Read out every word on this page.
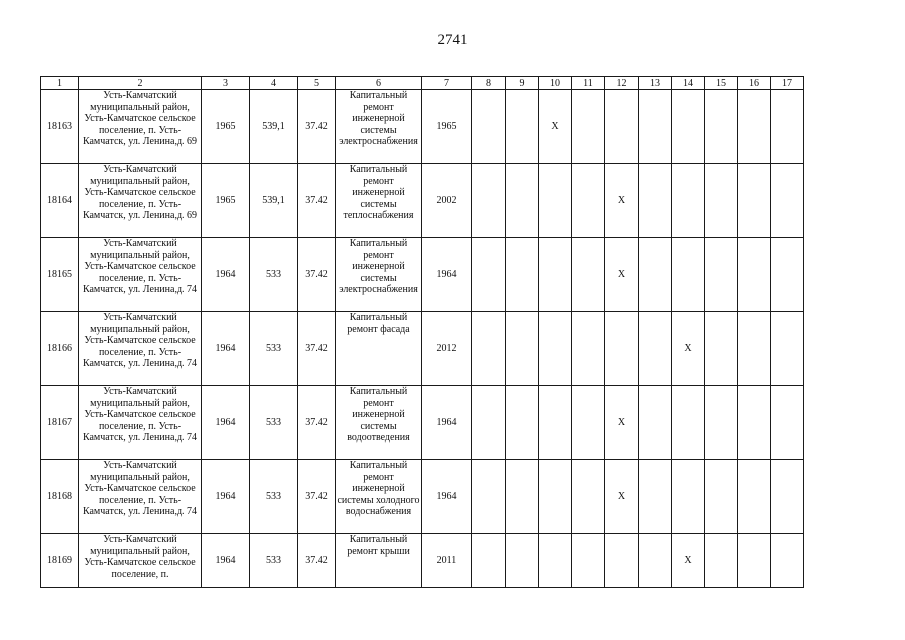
2741
1	2	3	4	5	6	7	8	9	10	11	12	13	14	15	16	17
18163	Усть-Камчатский муниципальный район, Усть-Камчатское сельское поселение, п. Усть-Камчатск, ул. Ленина,д. 69	1965	539,1	37.42	Капитальный ремонт инженерной системы электроснабжения	1965			X							
18164	Усть-Камчатский муниципальный район, Усть-Камчатское сельское поселение, п. Усть-Камчатск, ул. Ленина,д. 69	1965	539,1	37.42	Капитальный ремонт инженерной системы теплоснабжения	2002					X					
18165	Усть-Камчатский муниципальный район, Усть-Камчатское сельское поселение, п. Усть-Камчатск, ул. Ленина,д. 74	1964	533	37.42	Капитальный ремонт инженерной системы электроснабжения	1964					X					
18166	Усть-Камчатский муниципальный район, Усть-Камчатское сельское поселение, п. Усть-Камчатск, ул. Ленина,д. 74	1964	533	37.42	Капитальный ремонт фасада	2012							X			
18167	Усть-Камчатский муниципальный район, Усть-Камчатское сельское поселение, п. Усть-Камчатск, ул. Ленина,д. 74	1964	533	37.42	Капитальный ремонт инженерной системы водоотведения	1964					X					
18168	Усть-Камчатский муниципальный район, Усть-Камчатское сельское поселение, п. Усть-Камчатск, ул. Ленина,д. 74	1964	533	37.42	Капитальный ремонт инженерной системы холодного водоснабжения	1964					X					
18169	Усть-Камчатский муниципальный район, Усть-Камчатское сельское поселение, п.	1964	533	37.42	Капитальный ремонт крыши	2011							X			
